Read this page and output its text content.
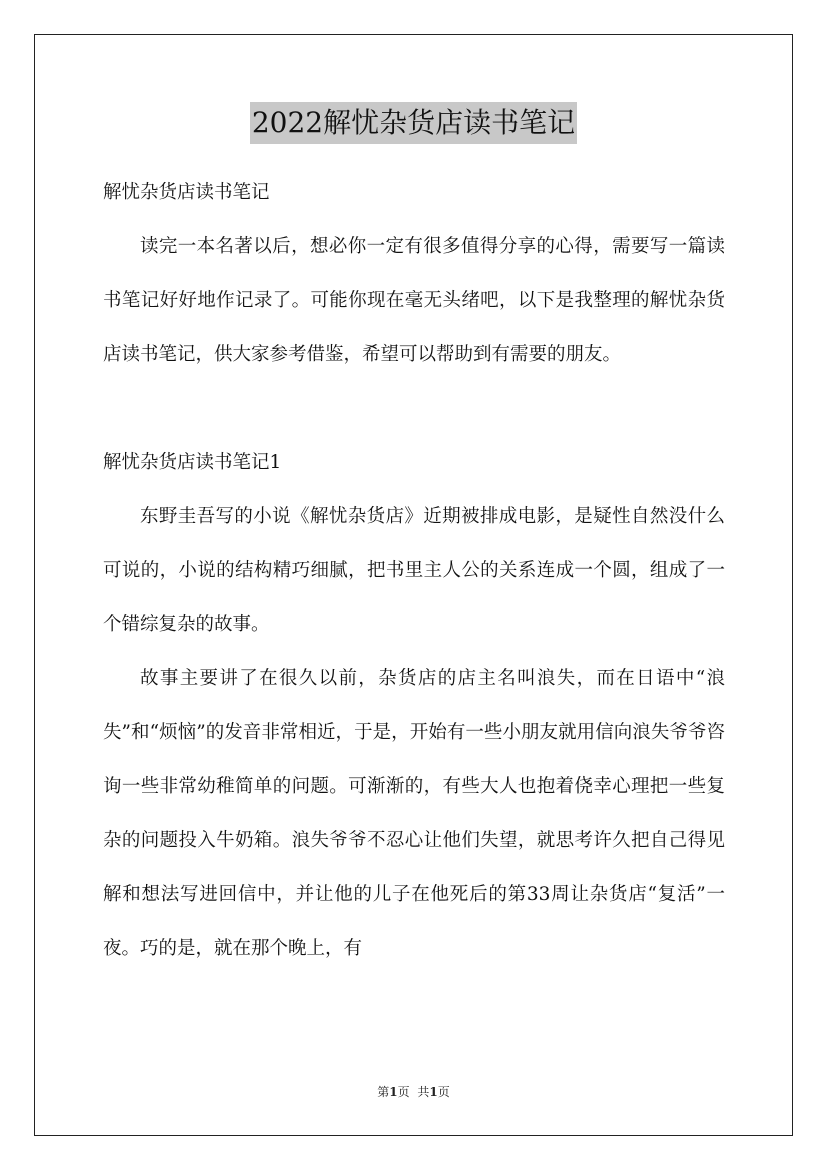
2022解忧杂货店读书笔记

解忧杂货店读书笔记

读完一本名著以后，想必你一定有很多值得分享的心得，需要写一篇读书笔记好好地作记录了。可能你现在毫无头绪吧，以下是我整理的解忧杂货店读书笔记，供大家参考借鉴，希望可以帮助到有需要的朋友。

解忧杂货店读书笔记1

东野圭吾写的小说《解忧杂货店》近期被排成电影，是疑性自然没什么可说的，小说的结构精巧细腻，把书里主人公的关系连成一个圆，组成了一个错综复杂的故事。

故事主要讲了在很久以前，杂货店的店主名叫浪失，而在日语中“浪失”和“烦恼”的发音非常相近，于是，开始有一些小朋友就用信向浪失爷爷咨询一些非常幼稚简单的问题。可渐渐的，有些大人也抱着侥幸心理把一些复杂的问题投入牛奶箱。浪失爷爷不忍心让他们失望，就思考许久把自己得见解和想法写进回信中，并让他的儿子在他死后的第33周让杂货店“复活”一夜。巧的是，就在那个晚上，有

第1页 共1页
